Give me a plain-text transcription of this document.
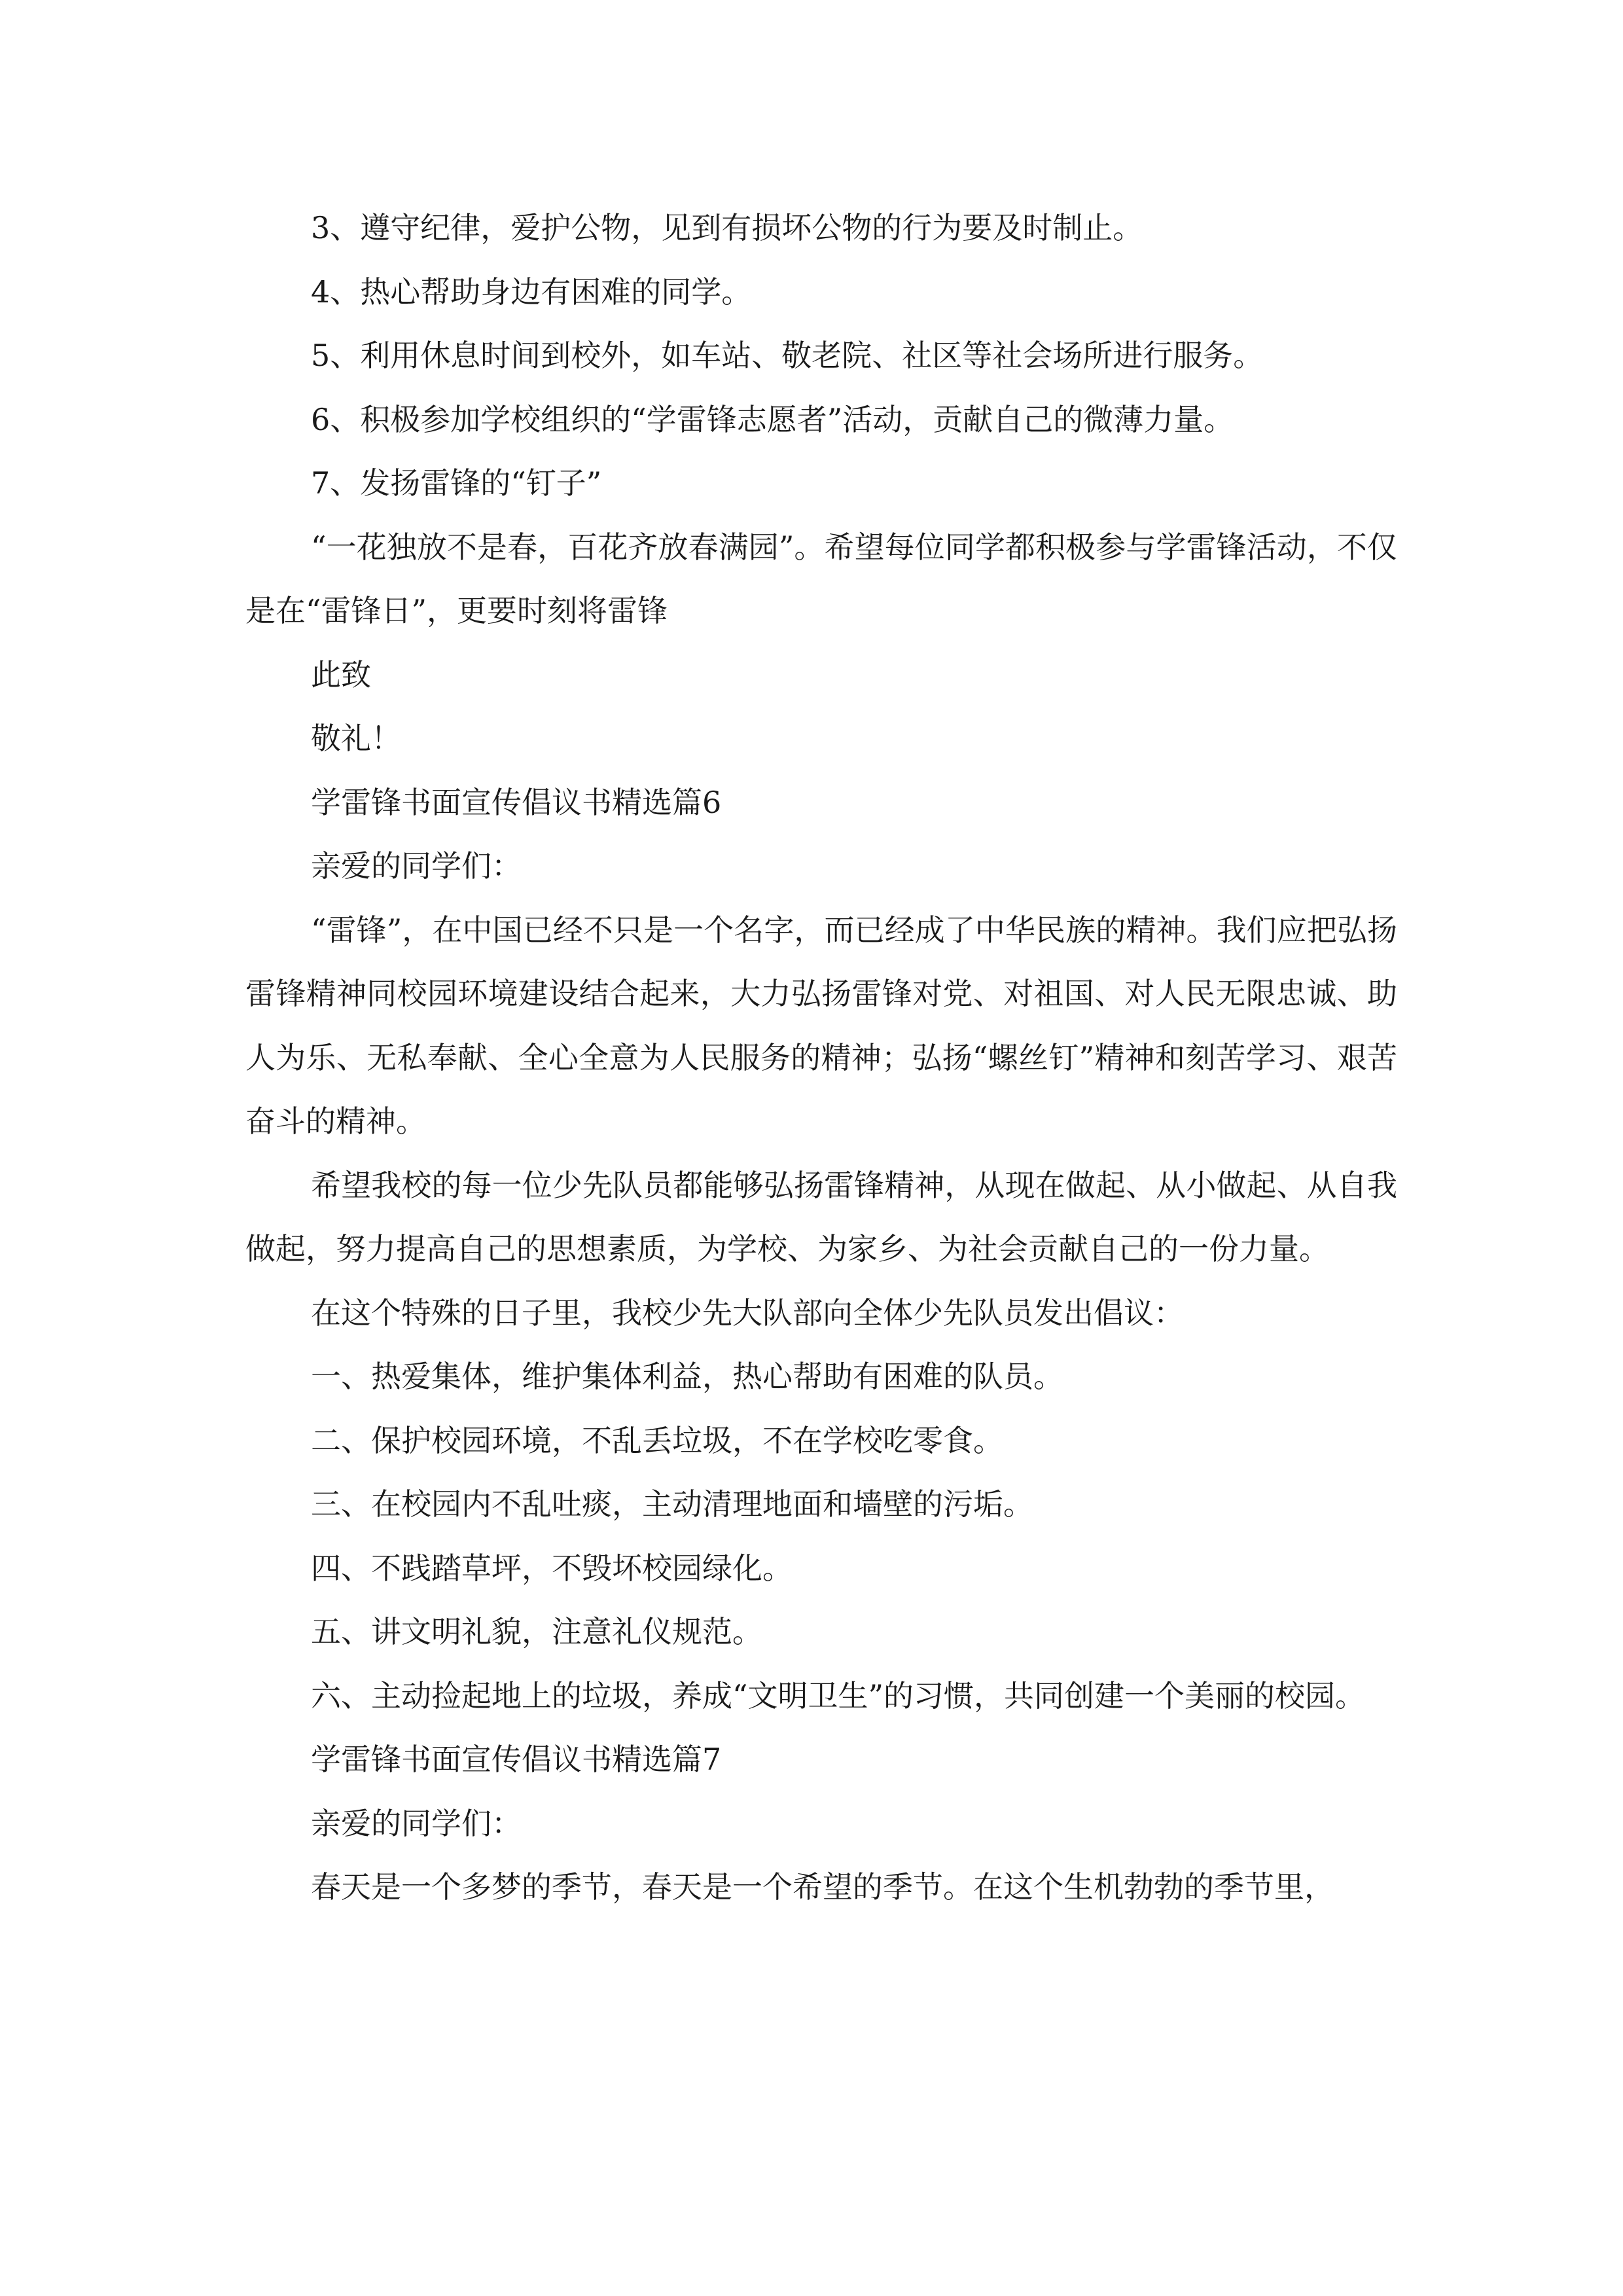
3、遵守纪律，爱护公物，见到有损坏公物的行为要及时制止。

4、热心帮助身边有困难的同学。

5、利用休息时间到校外，如车站、敬老院、社区等社会场所进行服务。

6、积极参加学校组织的“学雷锋志愿者”活动，贡献自己的微薄力量。

7、发扬雷锋的“钉子”

“一花独放不是春，百花齐放春满园”。希望每位同学都积极参与学雷锋活动，不仅是在“雷锋日”，更要时刻将雷锋

此致

敬礼！

学雷锋书面宣传倡议书精选篇6

亲爱的同学们：

“雷锋”，在中国已经不只是一个名字，而已经成了中华民族的精神。我们应把弘扬雷锋精神同校园环境建设结合起来，大力弘扬雷锋对党、对祖国、对人民无限忠诚、助人为乐、无私奉献、全心全意为人民服务的精神；弘扬“螺丝钉”精神和刻苦学习、艰苦奋斗的精神。

希望我校的每一位少先队员都能够弘扬雷锋精神，从现在做起、从小做起、从自我做起，努力提高自己的思想素质，为学校、为家乡、为社会贡献自己的一份力量。

在这个特殊的日子里，我校少先大队部向全体少先队员发出倡议：

一、热爱集体，维护集体利益，热心帮助有困难的队员。

二、保护校园环境，不乱丢垃圾，不在学校吃零食。

三、在校园内不乱吐痰，主动清理地面和墙壁的污垢。

四、不践踏草坪，不毁坏校园绿化。

五、讲文明礼貌，注意礼仪规范。

六、主动捡起地上的垃圾，养成“文明卫生”的习惯，共同创建一个美丽的校园。

学雷锋书面宣传倡议书精选篇7

亲爱的同学们：

春天是一个多梦的季节，春天是一个希望的季节。在这个生机勃勃的季节里，
